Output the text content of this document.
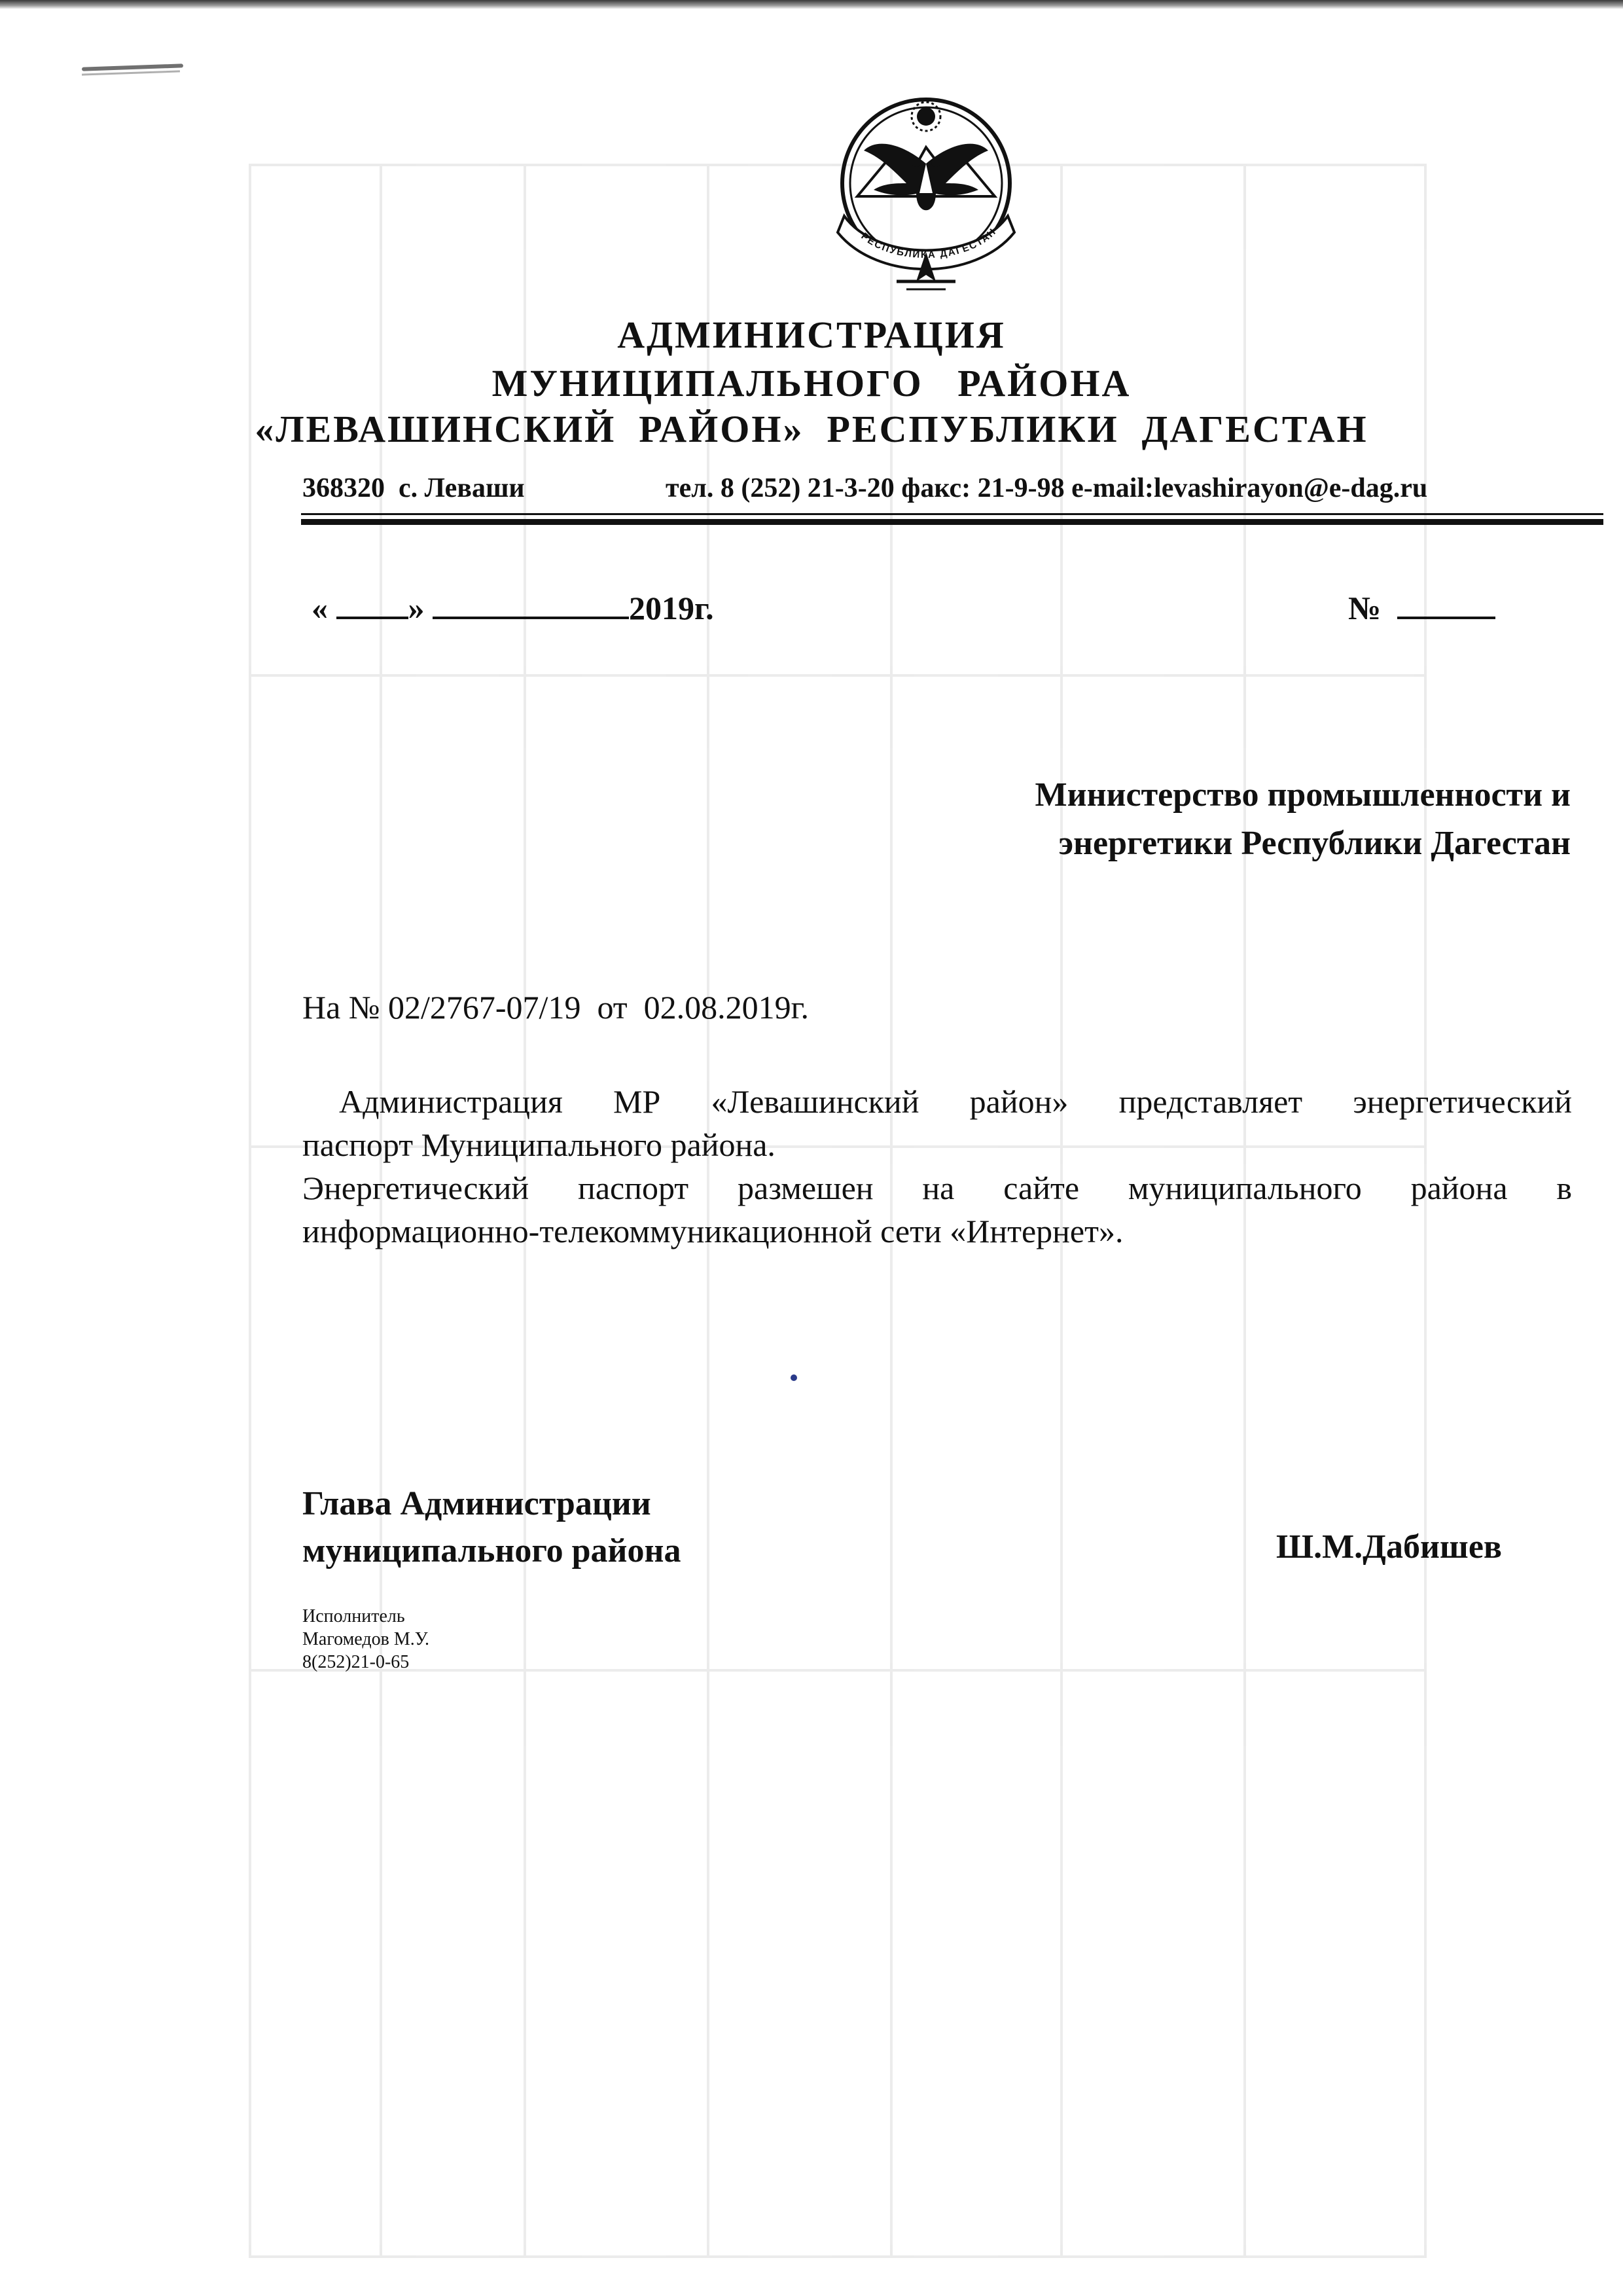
РЕСПУБЛИКА ДАГЕСТАН
АДМИНИСТРАЦИЯ
МУНИЦИПАЛЬНОГО   РАЙОНА
«ЛЕВАШИНСКИЙ  РАЙОН»  РЕСПУБЛИКИ  ДАГЕСТАН
368320  с. Леваши	тел. 8 (252) 21-3-20 факс: 21-9-98 e-mail:levashirayon@e-dag.ru
« »	2019г.	№
Министерство промышленности и
энергетики Республики Дагестан
На № 02/2767-07/19  от  02.08.2019г.
Администрация МР «Левашинский район» представляет энергетический
паспорт Муниципального района.
Энергетический паспорт размешен на сайте муниципального района в
информационно-телекоммуникационной сети «Интернет».
Глава Администрации
муниципального района	Ш.М.Дабишев
Исполнитель
Магомедов М.У.
8(252)21-0-65
